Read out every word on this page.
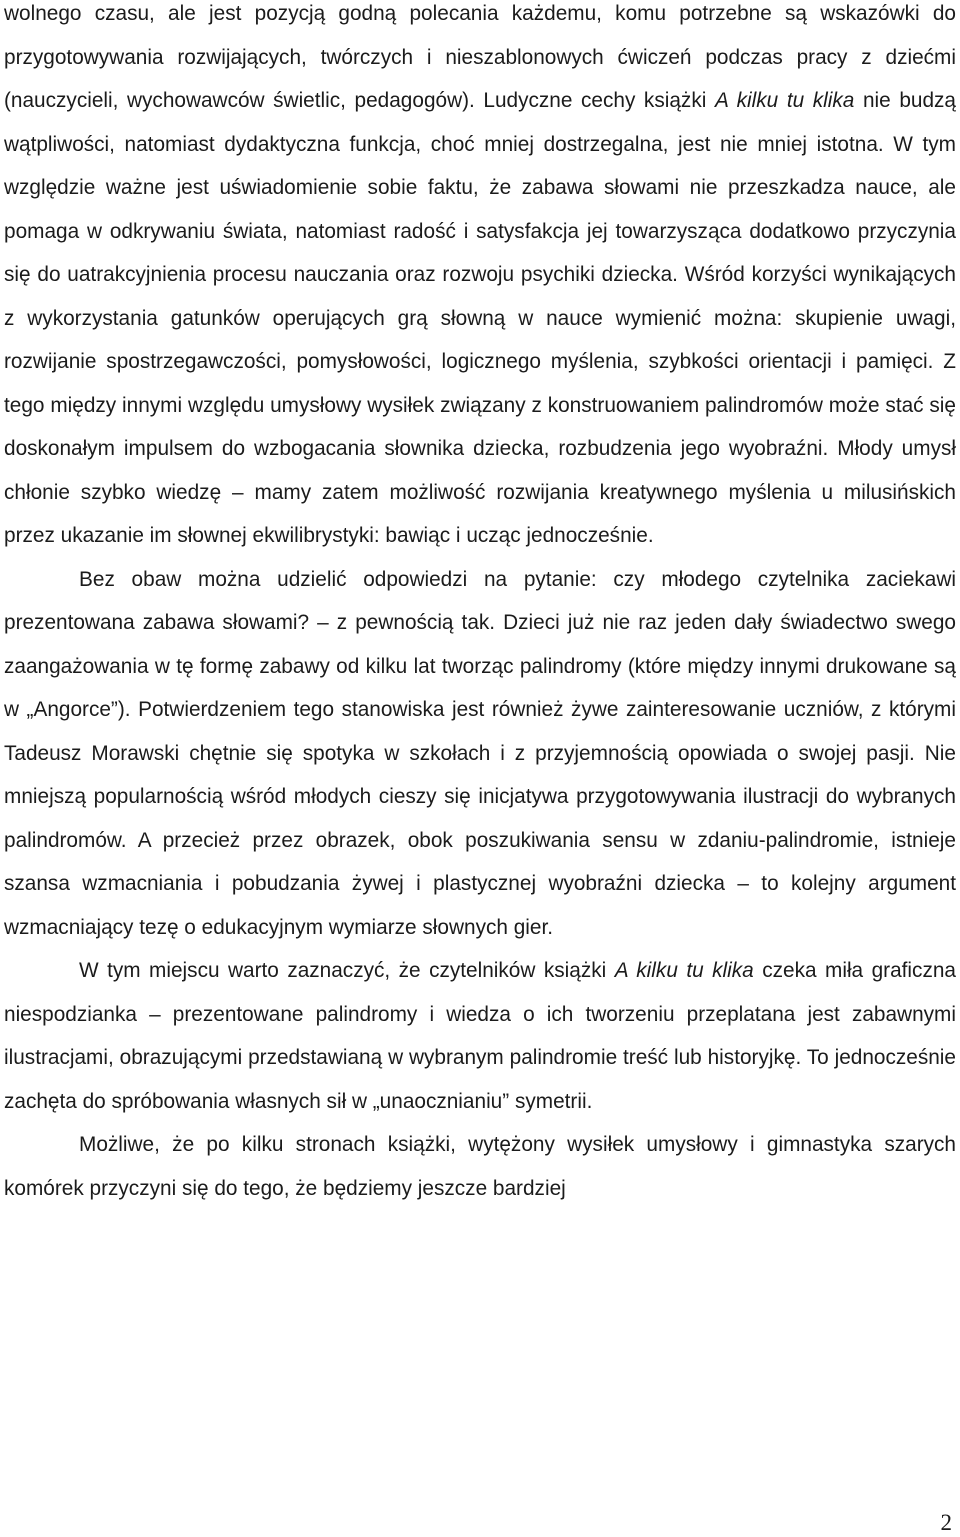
wolnego czasu, ale jest pozycją godną polecania każdemu, komu potrzebne są wskazówki do przygotowywania rozwijających, twórczych i nieszablonowych ćwiczeń podczas pracy z dziećmi (nauczycieli, wychowawców świetlic, pedagogów). Ludyczne cechy książki A kilku tu klika nie budzą wątpliwości, natomiast dydaktyczna funkcja, choć mniej dostrzegalna, jest nie mniej istotna. W tym względzie ważne jest uświadomienie sobie faktu, że zabawa słowami nie przeszkadza nauce, ale pomaga w odkrywaniu świata, natomiast radość i satysfakcja jej towarzysząca dodatkowo przyczynia się do uatrakcyjnienia procesu nauczania oraz rozwoju psychiki dziecka. Wśród korzyści wynikających z wykorzystania gatunków operujących grą słowną w nauce wymienić można: skupienie uwagi, rozwijanie spostrzegawczości, pomysłowości, logicznego myślenia, szybkości orientacji i pamięci. Z tego między innymi względu umysłowy wysiłek związany z konstruowaniem palindromów może stać się doskonałym impulsem do wzbogacania słownika dziecka, rozbudzenia jego wyobraźni. Młody umysł chłonie szybko wiedzę – mamy zatem możliwość rozwijania kreatywnego myślenia u milusińskich przez ukazanie im słownej ekwilibrystyki: bawiąc i ucząc jednocześnie.

Bez obaw można udzielić odpowiedzi na pytanie: czy młodego czytelnika zaciekawi prezentowana zabawa słowami? – z pewnością tak. Dzieci już nie raz jeden dały świadectwo swego zaangażowania w tę formę zabawy od kilku lat tworząc palindromy (które między innymi drukowane są w „Angorce”). Potwierdzeniem tego stanowiska jest również żywe zainteresowanie uczniów, z którymi Tadeusz Morawski chętnie się spotyka w szkołach i z przyjemnością opowiada o swojej pasji. Nie mniejszą popularnością wśród młodych cieszy się inicjatywa przygotowywania ilustracji do wybranych palindromów. A przecież przez obrazek, obok poszukiwania sensu w zdaniu-palindromie, istnieje szansa wzmacniania i pobudzania żywej i plastycznej wyobraźni dziecka – to kolejny argument wzmacniający tezę o edukacyjnym wymiarze słownych gier.

W tym miejscu warto zaznaczyć, że czytelników książki A kilku tu klika czeka miła graficzna niespodzianka – prezentowane palindromy i wiedza o ich tworzeniu przeplatana jest zabawnymi ilustracjami, obrazującymi przedstawianą w wybranym palindromie treść lub historyjkę. To jednocześnie zachęta do spróbowania własnych sił w „unaocznianiu” symetrii.

Możliwe, że po kilku stronach książki, wytężony wysiłek umysłowy i gimnastyka szarych komórek przyczyni się do tego, że będziemy jeszcze bardziej

2
